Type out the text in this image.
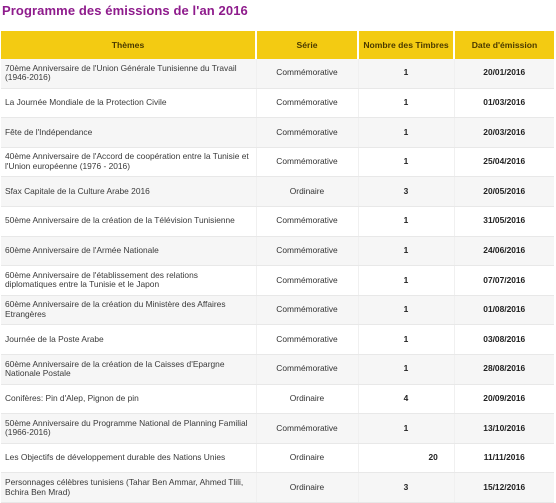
Programme des émissions de l'an 2016
Thèmes	Série	Nombre des Timbres	Date d'émission
70ème Anniversaire de l'Union Générale Tunisienne du Travail (1946-2016)	Commémorative	1	20/01/2016
La Journée Mondiale de la Protection Civile	Commémorative	1	01/03/2016
Fête de l'Indépendance	Commémorative	1	20/03/2016
40ème Anniversaire de l'Accord de coopération entre la Tunisie et l'Union européenne (1976 - 2016)	Commémorative	1	25/04/2016
Sfax Capitale de la Culture Arabe 2016	Ordinaire	3	20/05/2016
50ème Anniversaire de la création de la Télévision Tunisienne	Commémorative	1	31/05/2016
60ème Anniversaire de l'Armée Nationale	Commémorative	1	24/06/2016
60ème Anniversaire de l'établissement des relations diplomatiques entre la Tunisie et le Japon	Commémorative	1	07/07/2016
60ème Anniversaire de la création du Ministère des Affaires Etrangères	Commémorative	1	01/08/2016
Journée de la Poste Arabe	Commémorative	1	03/08/2016
60ème Anniversaire de la création de la Caisses d'Epargne Nationale Postale	Commémorative	1	28/08/2016
Conifères: Pin d'Alep, Pignon de pin	Ordinaire	4	20/09/2016
50ème Anniversaire du Programme National de Planning Familial (1966-2016)	Commémorative	1	13/10/2016
Les Objectifs de développement durable des Nations Unies	Ordinaire	20	11/11/2016
Personnages célèbres tunisiens (Tahar Ben Ammar, Ahmed Tlili, Bchira Ben Mrad)	Ordinaire	3	15/12/2016
